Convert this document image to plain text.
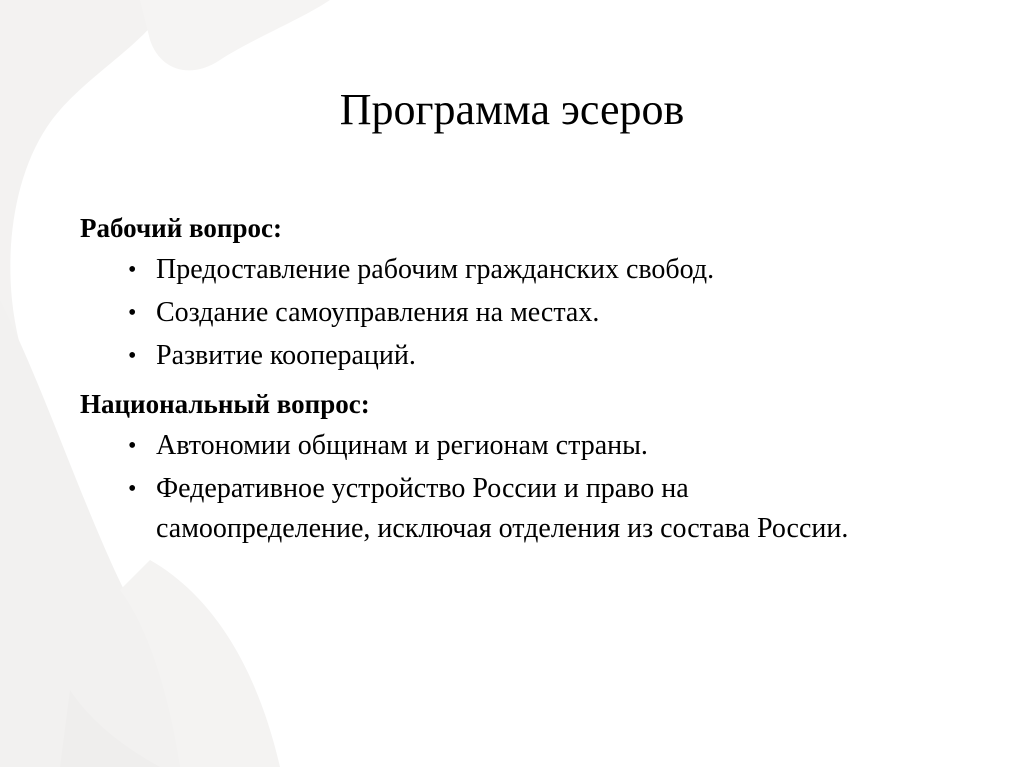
Программа эсеров

Рабочий вопрос:

• Предоставление рабочим гражданских свобод.
• Создание самоуправления на местах.
• Развитие коопераций.

Национальный вопрос:

• Автономии общинам и регионам страны.
• Федеративное устройство России и право на самоопределение, исключая отделения из состава России.
